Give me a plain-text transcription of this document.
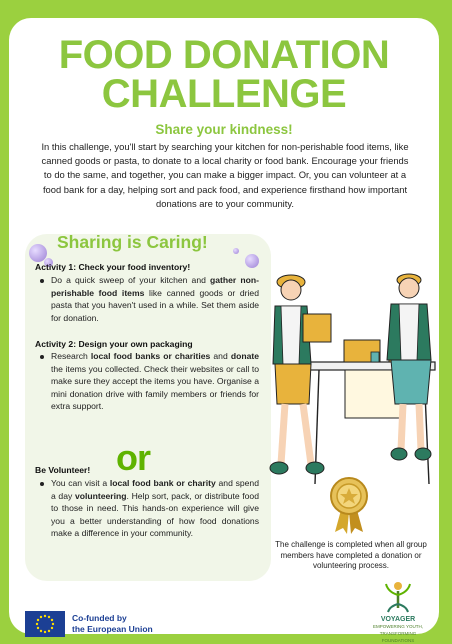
FOOD DONATION
CHALLENGE
Share your kindness!
In this challenge, you'll start by searching your kitchen for non-perishable food items, like canned goods or pasta, to donate to a local charity or food bank. Encourage your friends to do the same, and together, you can make a bigger impact. Or, you can volunteer at a food bank for a day, helping sort and pack food, and experience firsthand how important donations are to your community.
Sharing is Caring!
Activity 1: Check your food inventory!
Do a quick sweep of your kitchen and gather non-perishable food items like canned goods or dried pasta that you haven't used in a while. Set them aside for donation.
Activity 2: Design your own packaging
Research local food banks or charities and donate the items you collected. Check their websites or call to make sure they accept the items you have. Organise a mini donation drive with family members or friends for extra support.
or
Be Volunteer!
You can visit a local food bank or charity and spend a day volunteering. Help sort, pack, or distribute food to those in need. This hands-on experience will give you a better understanding of how food donations make a difference in your community.
The challenge is completed when all group members have completed a donation or volunteering process.
Co-funded by
the European Union
VOYAGER
EMPOWERING YOUTH, TRANSFORMING FOUNDATIONS
